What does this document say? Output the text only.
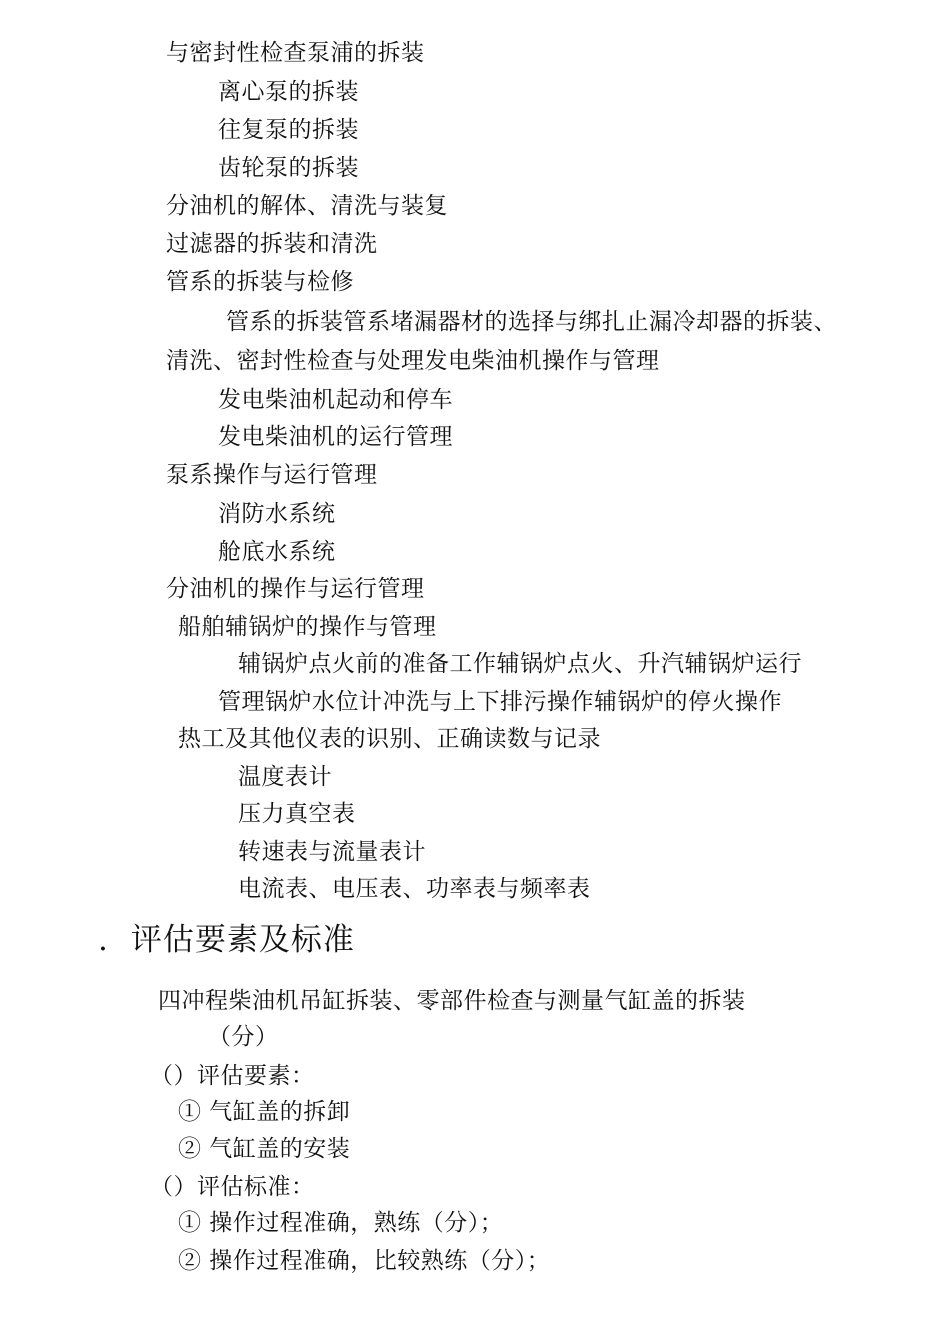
与密封性检查泵浦的拆装
离心泵的拆装
往复泵的拆装
齿轮泵的拆装
分油机的解体、清洗与装复
过滤器的拆装和清洗
管系的拆装与检修
管系的拆装管系堵漏器材的选择与绑扎止漏冷却器的拆装、
清洗、密封性检查与处理发电柴油机操作与管理
发电柴油机起动和停车
发电柴油机的运行管理
泵系操作与运行管理
消防水系统
舱底水系统
分油机的操作与运行管理
船舶辅锅炉的操作与管理
辅锅炉点火前的准备工作辅锅炉点火、升汽辅锅炉运行
管理锅炉水位计冲洗与上下排污操作辅锅炉的停火操作
热工及其他仪表的识别、正确读数与记录
温度表计
压力真空表
转速表与流量表计
电流表、电压表、功率表与频率表
. 评估要素及标准
四冲程柴油机吊缸拆装、零部件检查与测量气缸盖的拆装
（分）
（）评估要素：
① 气缸盖的拆卸
② 气缸盖的安装
（）评估标准：
① 操作过程准确，熟练（分）；
② 操作过程准确，比较熟练（分）；
